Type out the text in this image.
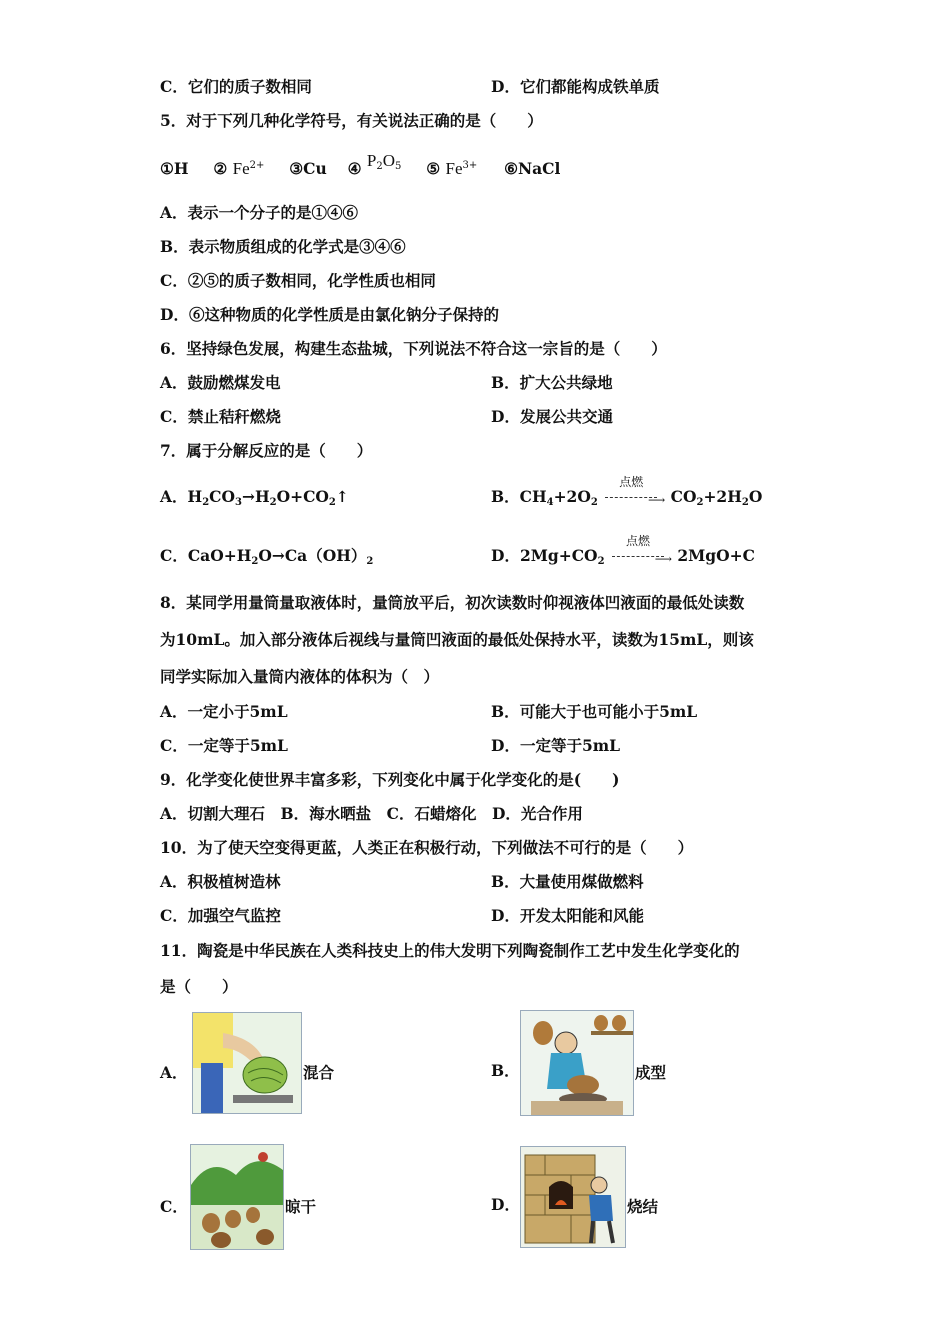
C．它们的质子数相同	D．它们都能构成铁单质
5．对于下列几种化学符号，有关说法正确的是（　　）
①H ② $Fe^{2+}$ ③Cu ④ $P^2O^5$ ⑤ $Fe^{3+}$ ⑥NaCl
A．表示一个分子的是①④⑥
B．表示物质组成的化学式是③④⑥
C．②⑤的质子数相同，化学性质也相同
D．⑥这种物质的化学性质是由氯化钠分子保持的
6．坚持绿色发展，构建生态盐城，下列说法不符合这一宗旨的是（　　）
A．鼓励燃煤发电	B．扩大公共绿地
C．禁止秸秆燃烧	D．发展公共交通
7．属于分解反应的是（　　）
A．$H_2CO_3\to H_2O+CO_2↑$	B．$CH_4+2O_2$
点燃
⟶ $CO_2+2H_2O$
C．$CaO+H_2O\to Ca(OH)_2$	D．$2Mg+CO_2$
点燃
⟶ 2MgO+C
8．某同学用量筒量取液体时，量筒放平后，初次读数时仰视液体凹液面的最低处读数
为10mL。加入部分液体后视线与量筒凹液面的最低处保持水平，读数为15mL，则该
同学实际加入量筒内液体的体积为（　）
A．一定小于5mL	B．可能大于也可能小于5mL
C．一定等于5mL	D．一定等于5mL
9．化学变化使世界丰富多彩，下列变化中属于化学变化的是(　　)
A．切割大理石　B．海水晒盐　C．石蜡熔化　D．光合作用
10．为了使天空变得更蓝，人类正在积极行动，下列做法不可行的是（　　）
A．积极植树造林	B．大量使用煤做燃料
C．加强空气监控	D．开发太阳能和风能
11．陶瓷是中华民族在人类科技史上的伟大发明下列陶瓷制作工艺中发生化学变化的
是（　　）
A．	混合	B．	成型
C．	晾干	D．	烧结
